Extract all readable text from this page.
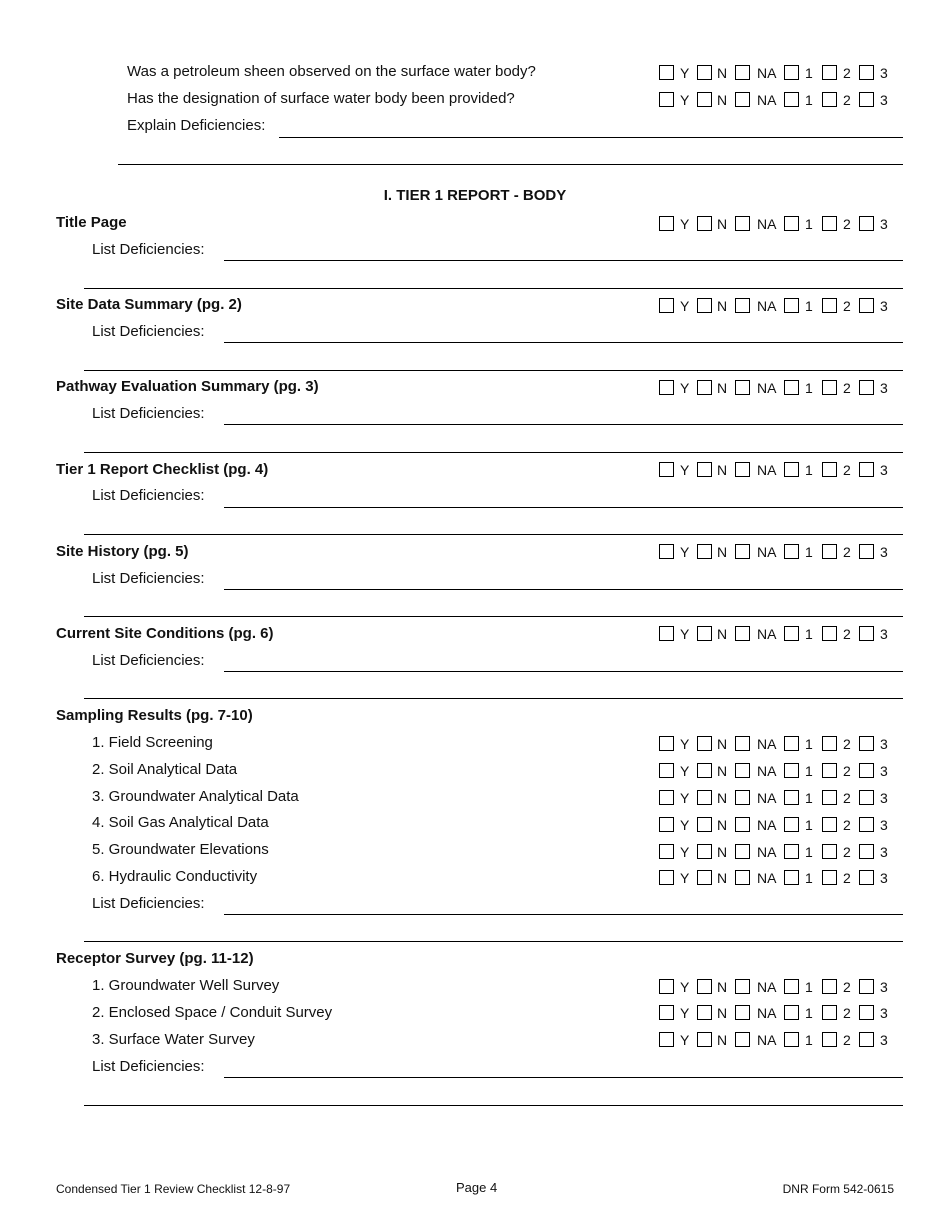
Was a petroleum sheen observed on the surface water body?	Y N NA 1 2 3
Has the designation of surface water body been provided?	Y N NA 1 2 3
Explain Deficiencies:
I. TIER 1 REPORT - BODY
Title Page	Y N NA 1 2 3
List Deficiencies:
Site Data Summary (pg. 2)	Y N NA 1 2 3
List Deficiencies:
Pathway Evaluation Summary (pg. 3)	Y N NA 1 2 3
List Deficiencies:
Tier 1 Report Checklist (pg. 4)	Y N NA 1 2 3
List Deficiencies:
Site History (pg. 5)	Y N NA 1 2 3
List Deficiencies:
Current Site Conditions (pg. 6)	Y N NA 1 2 3
List Deficiencies:
Sampling Results (pg. 7-10)
1. Field Screening	Y N NA 1 2 3
2. Soil Analytical Data	Y N NA 1 2 3
3. Groundwater Analytical Data	Y N NA 1 2 3
4. Soil Gas Analytical Data	Y N NA 1 2 3
5. Groundwater Elevations	Y N NA 1 2 3
6. Hydraulic Conductivity	Y N NA 1 2 3
List Deficiencies:
Receptor Survey (pg. 11-12)
1. Groundwater Well Survey	Y N NA 1 2 3
2. Enclosed Space / Conduit Survey	Y N NA 1 2 3
3. Surface Water Survey	Y N NA 1 2 3
List Deficiencies:
Condensed Tier 1 Review Checklist 12-8-97	Page 4	DNR Form 542-0615
